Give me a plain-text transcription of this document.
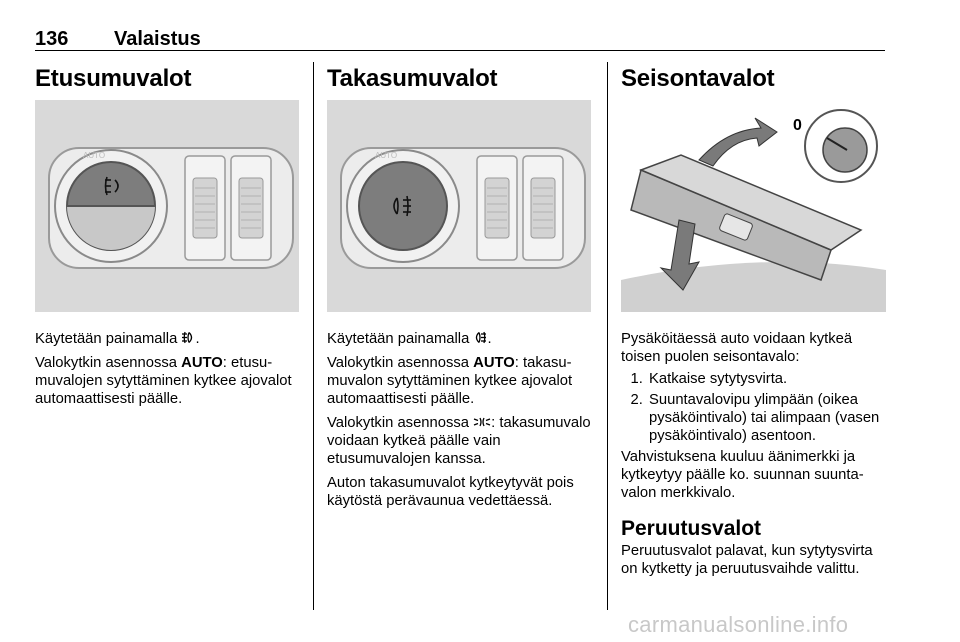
136 Valaistus
Etusumuvalot
AUTO

Käytetään painamalla .

Valokytkin asennossa AUTO: etusumuvalojen sytyttäminen kytkee ajovalot automaattisesti päälle.

Takasumuvalot
AUTO

Käytetään painamalla .

Valokytkin asennossa AUTO: takasumuvalon sytyttäminen kytkee ajovalot automaattisesti päälle.

Valokytkin asennossa : takasumuvalo voidaan kytkeä päälle vain etusumuvalojen kanssa.

Auton takasumuvalot kytkeytyvät pois käytöstä perävaunua vedettäessä.

Seisontavalot
0

Pysäköitäessä auto voidaan kytkeä toisen puolen seisontavalo:

1. Katkaise sytytysvirta.
2. Suuntavalovipu ylimpään (oikea pysäköintivalo) tai alimpaan (vasen pysäköintivalo) asentoon.

Vahvistuksena kuuluu äänimerkki ja kytkeytyy päälle ko. suunnan suuntavalon merkkivalo.

Peruutusvalot

Peruutusvalot palavat, kun sytytysvirta on kytketty ja peruutusvaihde valittu.

carmanualsonline.info
